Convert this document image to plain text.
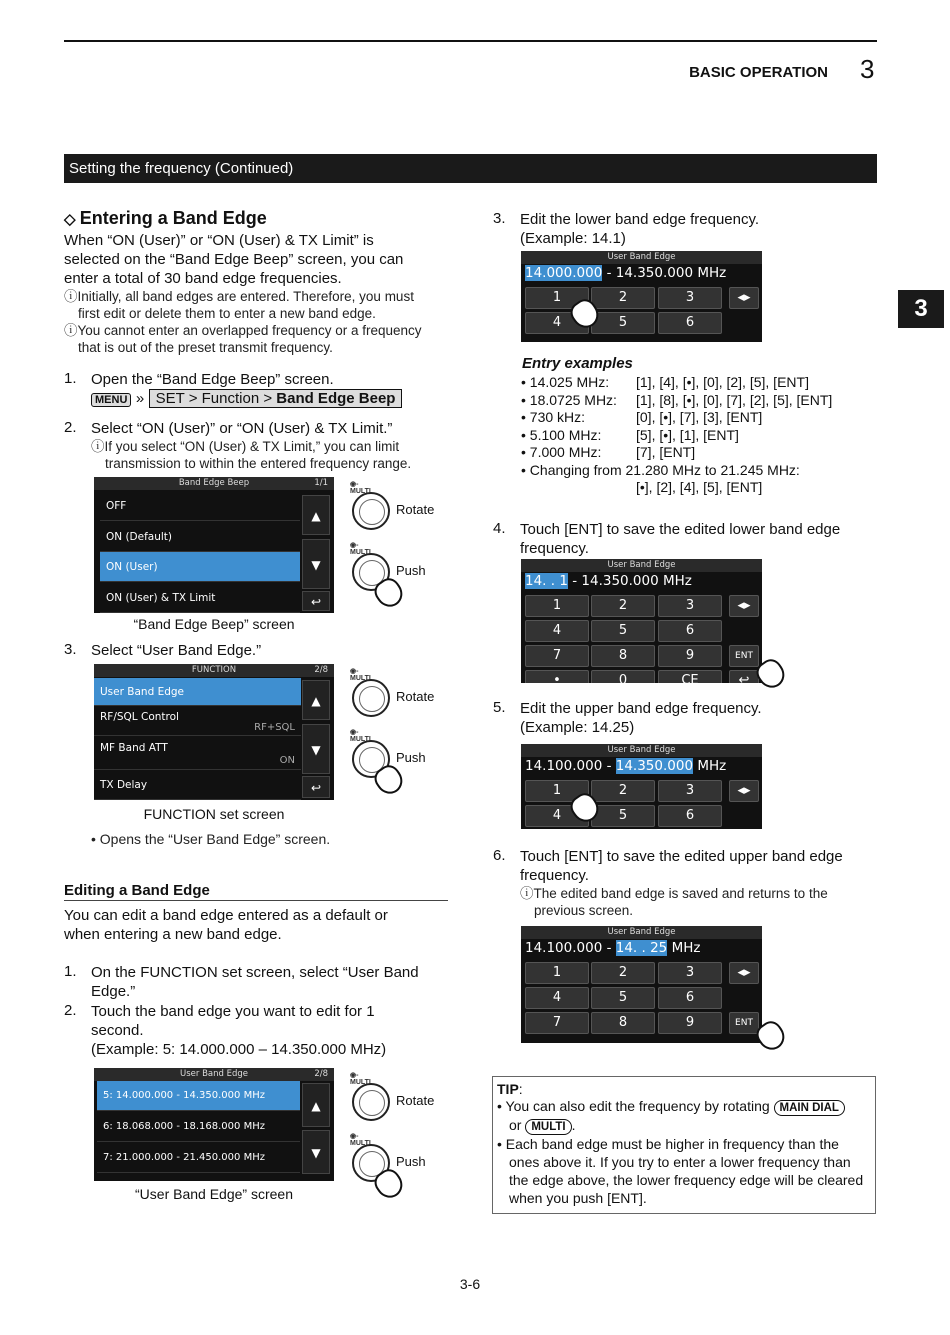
BASIC OPERATION 3
3
Setting the frequency (Continued)
◇ Entering a Band Edge
When “ON (User)” or “ON (User) & TX Limit” is
selected on the “Band Edge Beep” screen, you can
enter a total of 30 band edge frequencies.
ⓘInitially, all band edges are entered. Therefore, you must
first edit or delete them to enter a new band edge.
ⓘYou cannot enter an overlapped frequency or a frequency
that is out of the preset transmit frequency.
1. Open the “Band Edge Beep” screen.
MENU » SET > Function > Band Edge Beep
2. Select “ON (User)” or “ON (User) & TX Limit.”
ⓘIf you select “ON (User) & TX Limit,” you can limit
transmission to within the entered frequency range.
Band Edge Beep	1/1
OFF
ON (Default)
ON (User)
ON (User) & TX Limit
▲
▼
↩
◉-MULTI
Rotate
◉-MULTI
Push
“Band Edge Beep” screen
3. Select “User Band Edge.”
FUNCTION	2/8
User Band Edge
RF/SQL Control
RF+SQL
MF Band ATT
ON
TX Delay
▲
▼
↩
◉-MULTI
Rotate
◉-MULTI
Push
FUNCTION set screen
• Opens the “User Band Edge” screen.
Editing a Band Edge
You can edit a band edge entered as a default or
when entering a new band edge.
1. On the FUNCTION set screen, select “User Band
Edge.”
2. Touch the band edge you want to edit for 1
second.
(Example: 5: 14.000.000 – 14.350.000 MHz)
User Band Edge	2/8
5: 14.000.000 - 14.350.000 MHz
6: 18.068.000 - 18.168.000 MHz
7: 21.000.000 - 21.450.000 MHz
▲
▼
◉-MULTI
Rotate
◉-MULTI
Push
“User Band Edge” screen
3. Edit the lower band edge frequency.
(Example: 14.1)
User Band Edge
14.000.000 - 14.350.000 MHz
1	2	3	◂▸
4	5	6
Entry examples
• 14.025 MHz:	[1], [4], [•], [0], [2], [5], [ENT]
• 18.0725 MHz:	[1], [8], [•], [0], [7], [2], [5], [ENT]
• 730 kHz:	[0], [•], [7], [3], [ENT]
• 5.100 MHz:	[5], [•], [1], [ENT]
• 7.000 MHz:	[7], [ENT]
• Changing from 21.280 MHz to 21.245 MHz:	
	[•], [2], [4], [5], [ENT]
4. Touch [ENT] to save the edited lower band edge
frequency.
User Band Edge
14. . 1 - 14.350.000 MHz
1	2	3	◂▸
4	5	6
7	8	9	ENT
•	0	CE	↩
5. Edit the upper band edge frequency.
(Example: 14.25)
User Band Edge
14.100.000 - 14.350.000 MHz
1	2	3	◂▸
4	5	6
6. Touch [ENT] to save the edited upper band edge
frequency.
ⓘThe edited band edge is saved and returns to the
previous screen.
User Band Edge
14.100.000 - 14. . 25 MHz
1	2	3	◂▸
4	5	6
7	8	9	ENT
TIP:
• You can also edit the frequency by rotating MAIN DIAL
or MULTI .
• Each band edge must be higher in frequency than the
ones above it. If you try to enter a lower frequency than
the edge above, the lower frequency edge will be cleared
when you push [ENT].
3-6
